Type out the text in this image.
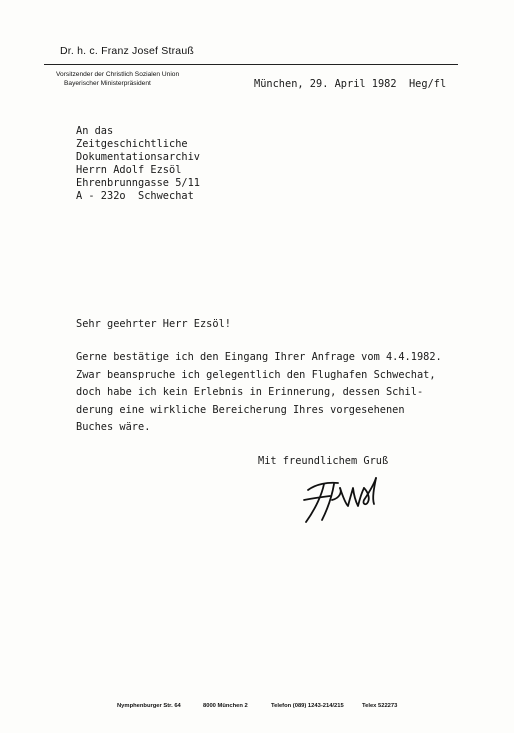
Dr. h. c. Franz Josef Strauß
Vorsitzender der Christlich Sozialen Union
Bayerischer Ministerpräsident	München, 29. April 1982  Heg/fl
An das
Zeitgeschichtliche
Dokumentationsarchiv
Herrn Adolf Ezsöl
Ehrenbrunngasse 5/11
A - 232o  Schwechat
Sehr geehrter Herr Ezsöl!
Gerne bestätige ich den Eingang Ihrer Anfrage vom 4.4.1982.
Zwar beanspruche ich gelegentlich den Flughafen Schwechat,
doch habe ich kein Erlebnis in Erinnerung, dessen Schil-
derung eine wirkliche Bereicherung Ihres vorgesehenen
Buches wäre.
Mit freundlichem Gruß
Nymphenburger Str. 64	8000 München 2	Telefon (089) 1243-214/215	Telex 522273
